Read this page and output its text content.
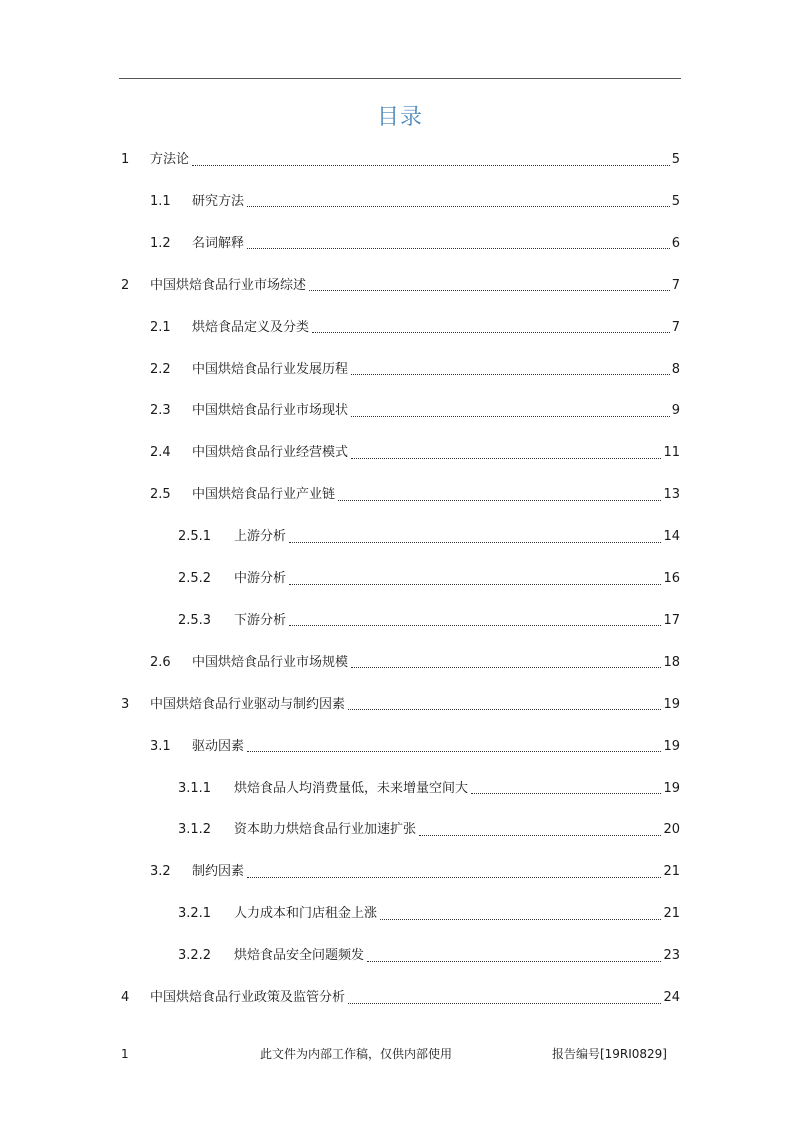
目录
1	方法论	5
1.1	研究方法	5
1.2	名词解释	6
2	中国烘焙食品行业市场综述	7
2.1	烘焙食品定义及分类	7
2.2	中国烘焙食品行业发展历程	8
2.3	中国烘焙食品行业市场现状	9
2.4	中国烘焙食品行业经营模式	11
2.5	中国烘焙食品行业产业链	13
2.5.1	上游分析	14
2.5.2	中游分析	16
2.5.3	下游分析	17
2.6	中国烘焙食品行业市场规模	18
3	中国烘焙食品行业驱动与制约因素	19
3.1	驱动因素	19
3.1.1	烘焙食品人均消费量低，未来增量空间大	19
3.1.2	资本助力烘焙食品行业加速扩张	20
3.2	制约因素	21
3.2.1	人力成本和门店租金上涨	21
3.2.2	烘焙食品安全问题频发	23
4	中国烘焙食品行业政策及监管分析	24
1	此文件为内部工作稿，仅供内部使用	报告编号[19RI0829]
